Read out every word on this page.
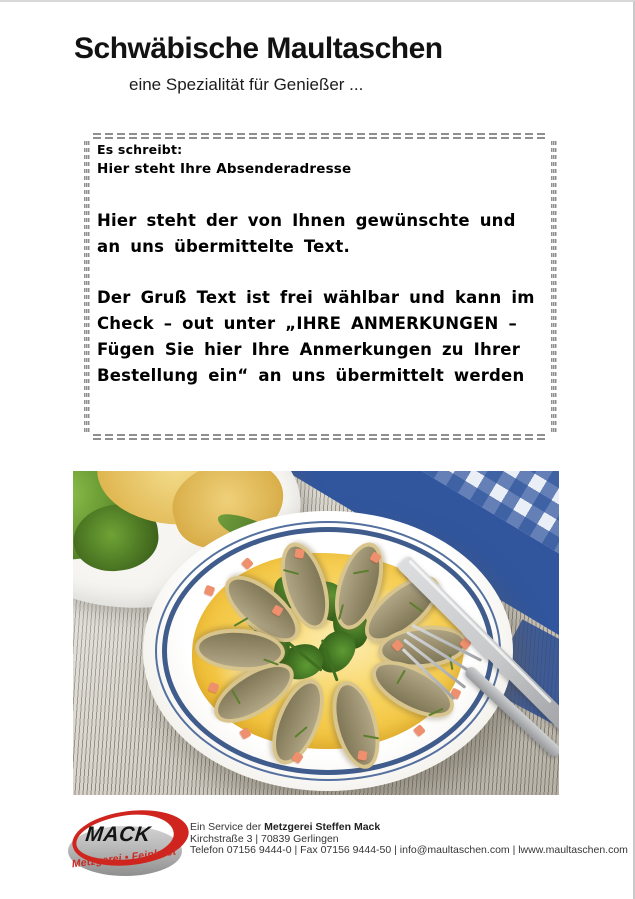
Schwäbische Maultaschen
eine Spezialität für Genießer ...
Es schreibt:
Hier steht Ihre Absenderadresse
Hier steht der von Ihnen gewünschte und an uns übermittelte Text.
Der Gruß Text ist frei wählbar und kann im Check – out unter „IHRE ANMERKUNGEN – Fügen Sie hier Ihre Anmerkungen zu Ihrer Bestellung ein“ an uns übermittelt werden
MACK
Metzgerei • Feinkost
★ Ein Service der Metzgerei Steffen Mack
Kirchstraße 3 | 70839 Gerlingen
Telefon 07156 9444-0 | Fax 07156 9444-50 | info@maultaschen.com | lwww.maultaschen.com
